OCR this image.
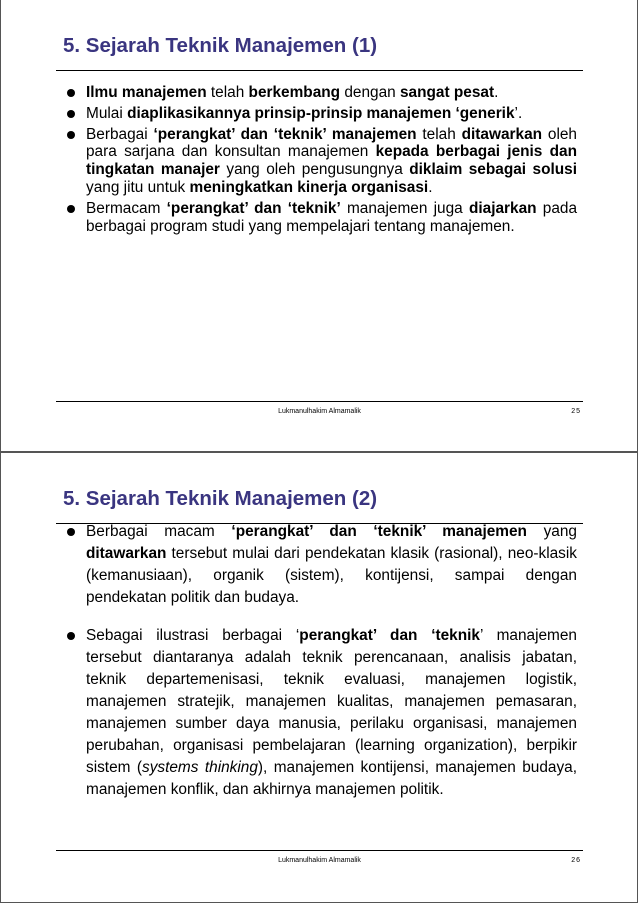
5. Sejarah Teknik Manajemen (1)
Ilmu manajemen telah berkembang dengan sangat pesat.
Mulai diaplikasikannya prinsip-prinsip manajemen ‘generik’.
Berbagai ‘perangkat’ dan ‘teknik’ manajemen telah ditawarkan oleh para sarjana dan konsultan manajemen kepada berbagai jenis dan tingkatan manajer yang oleh pengusungnya diklaim sebagai solusi yang jitu untuk meningkatkan kinerja organisasi.
Bermacam ‘perangkat’ dan ‘teknik’ manajemen juga diajarkan pada berbagai program studi yang mempelajari tentang manajemen.
Lukmanulhakim Almamalik	25
5. Sejarah Teknik Manajemen (2)
Berbagai macam ‘perangkat’ dan ‘teknik’ manajemen yang ditawarkan tersebut mulai dari pendekatan klasik (rasional), neo-klasik (kemanusiaan), organik (sistem), kontijensi, sampai dengan pendekatan politik dan budaya.
Sebagai ilustrasi berbagai ‘perangkat’ dan ‘teknik’ manajemen tersebut diantaranya adalah teknik perencanaan, analisis jabatan, teknik departemenisasi, teknik evaluasi, manajemen logistik, manajemen stratejik, manajemen kualitas, manajemen pemasaran, manajemen sumber daya manusia, perilaku organisasi, manajemen perubahan, organisasi pembelajaran (learning organization), berpikir sistem (systems thinking), manajemen kontijensi, manajemen budaya, manajemen konflik, dan akhirnya manajemen politik.
Lukmanulhakim Almamalik	26
